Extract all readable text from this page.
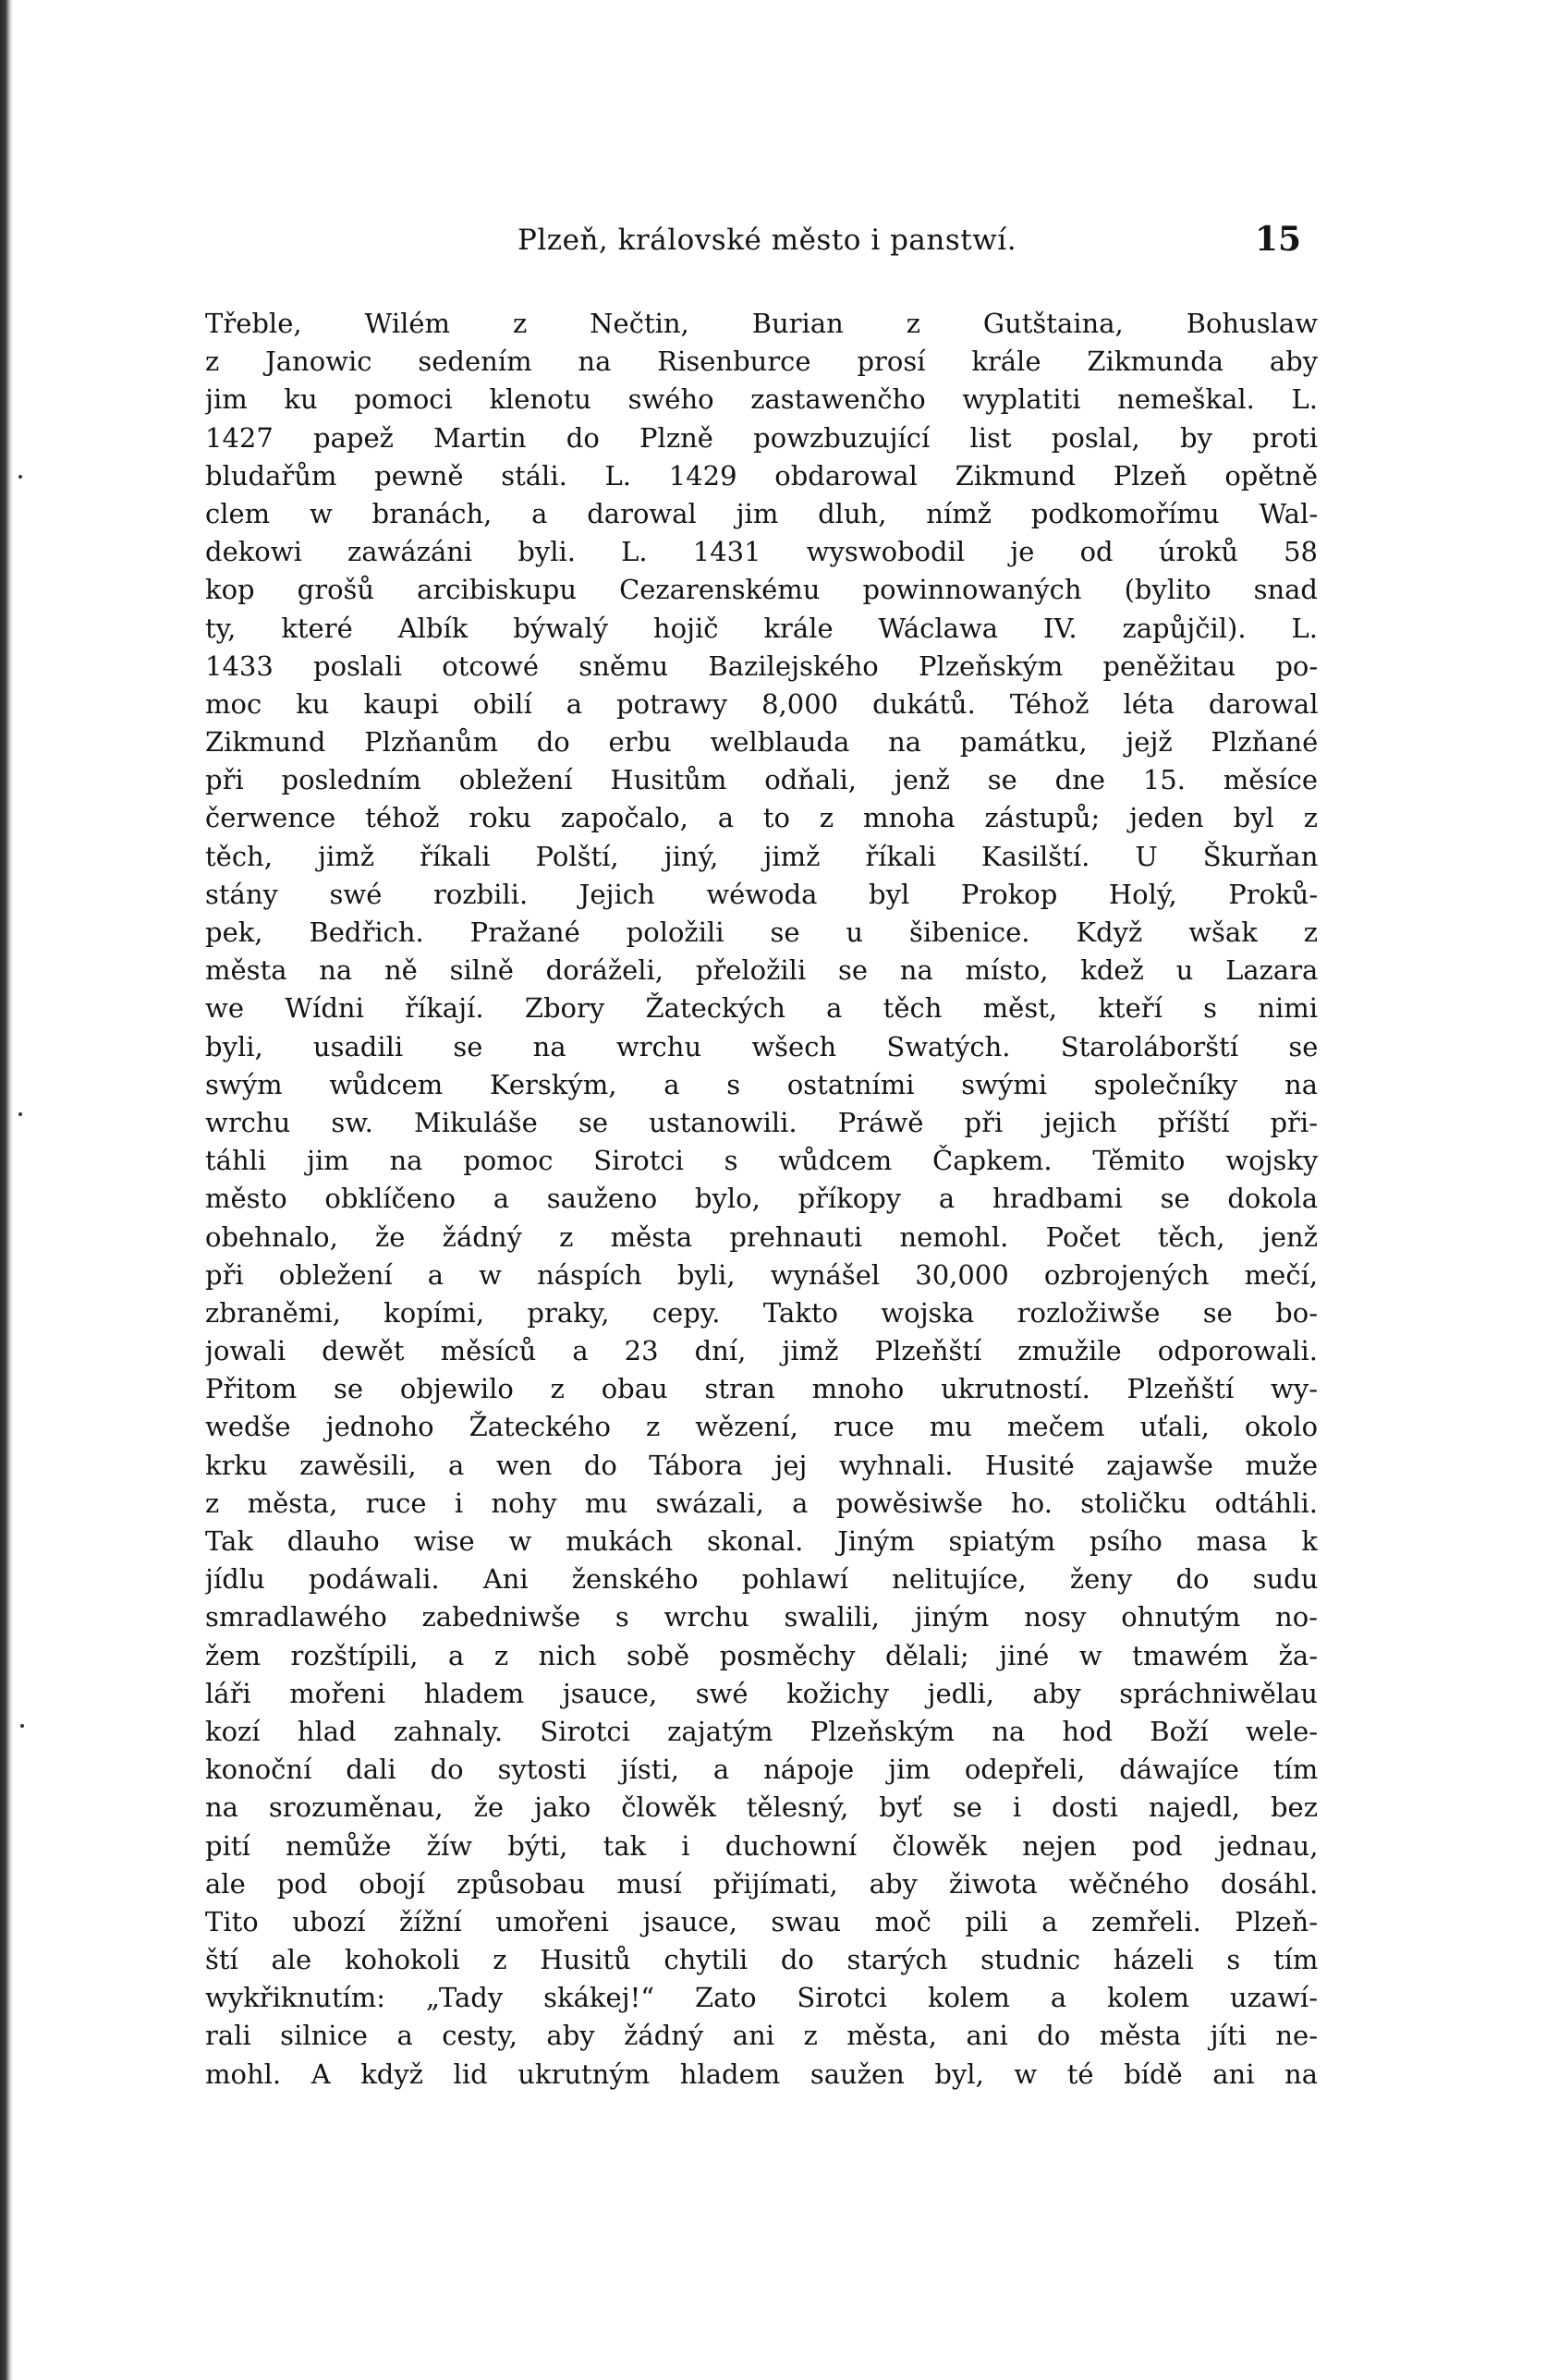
Plzeň, královské město i panstwí.	15
Třeble, Wilém z Nečtin, Burian z Gutštaina, Bohuslaw
z Janowic sedením na Risenburce prosí krále Zikmunda aby
jim ku pomoci klenotu swého zastawenčho wyplatiti nemeškal. L.
1427 papež Martin do Plzně powzbuzující list poslal, by proti
bludařům pewně stáli. L. 1429 obdarowal Zikmund Plzeň opětně
clem w branách, a darowal jim dluh, nímž podkomořímu Wal-
dekowi zawázáni byli. L. 1431 wyswobodil je od úroků 58
kop grošů arcibiskupu Cezarenskému powinnowaných (bylito snad
ty, které Albík býwalý hojič krále Wáclawa IV. zapůjčil). L.
1433 poslali otcowé sněmu Bazilejského Plzeňským peněžitau po-
moc ku kaupi obilí a potrawy 8,000 dukátů. Téhož léta darowal
Zikmund Plzňanům do erbu welblauda na památku, jejž Plzňané
při posledním obležení Husitům odňali, jenž se dne 15. měsíce
čerwence téhož roku započalo, a to z mnoha zástupů; jeden byl z
těch, jimž říkali Polští, jiný, jimž říkali Kasilští. U Škurňan
stány swé rozbili. Jejich wéwoda byl Prokop Holý, Proků-
pek, Bedřich. Pražané položili se u šibenice. Když wšak z
města na ně silně doráželi, přeložili se na místo, kdež u Lazara
we Wídni říkají. Zbory Žateckých a těch měst, kteří s nimi
byli, usadili se na wrchu wšech Swatých. Staroláborští se
swým wůdcem Kerským, a s ostatními swými společníky na
wrchu sw. Mikuláše se ustanowili. Práwě při jejich příští při-
táhli jim na pomoc Sirotci s wůdcem Čapkem. Těmito wojsky
město obklíčeno a sauženo bylo, příkopy a hradbami se dokola
obehnalo, že žádný z města prehnauti nemohl. Počet těch, jenž
při obležení a w náspích byli, wynášel 30,000 ozbrojených mečí,
zbraněmi, kopími, praky, cepy. Takto wojska rozložiwše se bo-
jowali dewět měsíců a 23 dní, jimž Plzeňští zmužile odporowali.
Přitom se objewilo z obau stran mnoho ukrutností. Plzeňští wy-
wedše jednoho Žateckého z wězení, ruce mu mečem uťali, okolo
krku zawěsili, a wen do Tábora jej wyhnali. Husité zajawše muže
z města, ruce i nohy mu swázali, a powěsiwše ho. stoličku odtáhli.
Tak dlauho wise w mukách skonal. Jiným spiatým psího masa k
jídlu podáwali. Ani ženského pohlawí nelitujíce, ženy do sudu
smradlawého zabedniwše s wrchu swalili, jiným nosy ohnutým no-
žem rozštípili, a z nich sobě posměchy dělali; jiné w tmawém ža-
láři mořeni hladem jsauce, swé kožichy jedli, aby spráchniwělau
kozí hlad zahnaly. Sirotci zajatým Plzeňským na hod Boží wele-
konoční dali do sytosti jísti, a nápoje jim odepřeli, dáwajíce tím
na srozuměnau, že jako člowěk tělesný, byť se i dosti najedl, bez
pití nemůže žíw býti, tak i duchowní člowěk nejen pod jednau,
ale pod obojí způsobau musí přijímati, aby žiwota wěčného dosáhl.
Tito ubozí žížní umořeni jsauce, swau moč pili a zemřeli. Plzeň-
ští ale kohokoli z Husitů chytili do starých studnic házeli s tím
wykřiknutím: „Tady skákej!“ Zato Sirotci kolem a kolem uzawí-
rali silnice a cesty, aby žádný ani z města, ani do města jíti ne-
mohl. A když lid ukrutným hladem saužen byl, w té bídě ani na
